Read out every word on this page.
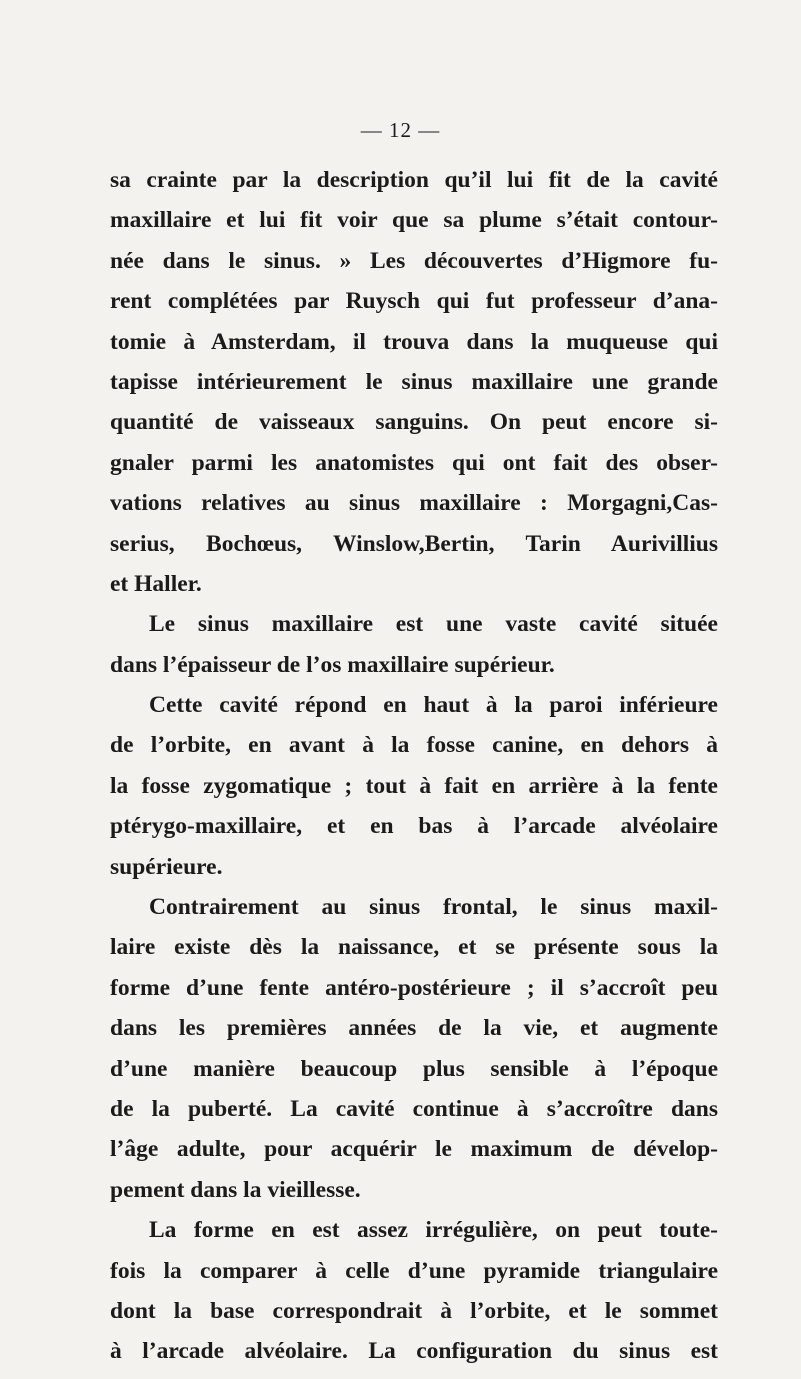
— 12 —
sa crainte par la description qu’il lui fit de la cavité
maxillaire et lui fit voir que sa plume s’était contour-
née dans le sinus. » Les découvertes d’Higmore fu-
rent complétées par Ruysch qui fut professeur d’ana-
tomie à Amsterdam, il trouva dans la muqueuse qui
tapisse intérieurement le sinus maxillaire une grande
quantité de vaisseaux sanguins. On peut encore si-
gnaler parmi les anatomistes qui ont fait des obser-
vations relatives au sinus maxillaire : Morgagni,Cas-
serius, Bochœus, Winslow,Bertin, Tarin Aurivillius
et Haller.
Le sinus maxillaire est une vaste cavité située
dans l’épaisseur de l’os maxillaire supérieur.
Cette cavité répond en haut à la paroi inférieure
de l’orbite, en avant à la fosse canine, en dehors à
la fosse zygomatique ; tout à fait en arrière à la fente
ptérygo-maxillaire, et en bas à l’arcade alvéolaire
supérieure.
Contrairement au sinus frontal, le sinus maxil-
laire existe dès la naissance, et se présente sous la
forme d’une fente antéro-postérieure ; il s’accroît peu
dans les premières années de la vie, et augmente
d’une manière beaucoup plus sensible à l’époque
de la puberté. La cavité continue à s’accroître dans
l’âge adulte, pour acquérir le maximum de dévelop-
pement dans la vieillesse.
La forme en est assez irrégulière, on peut toute-
fois la comparer à celle d’une pyramide triangulaire
dont la base correspondrait à l’orbite, et le sommet
à l’arcade alvéolaire. La configuration du sinus est
